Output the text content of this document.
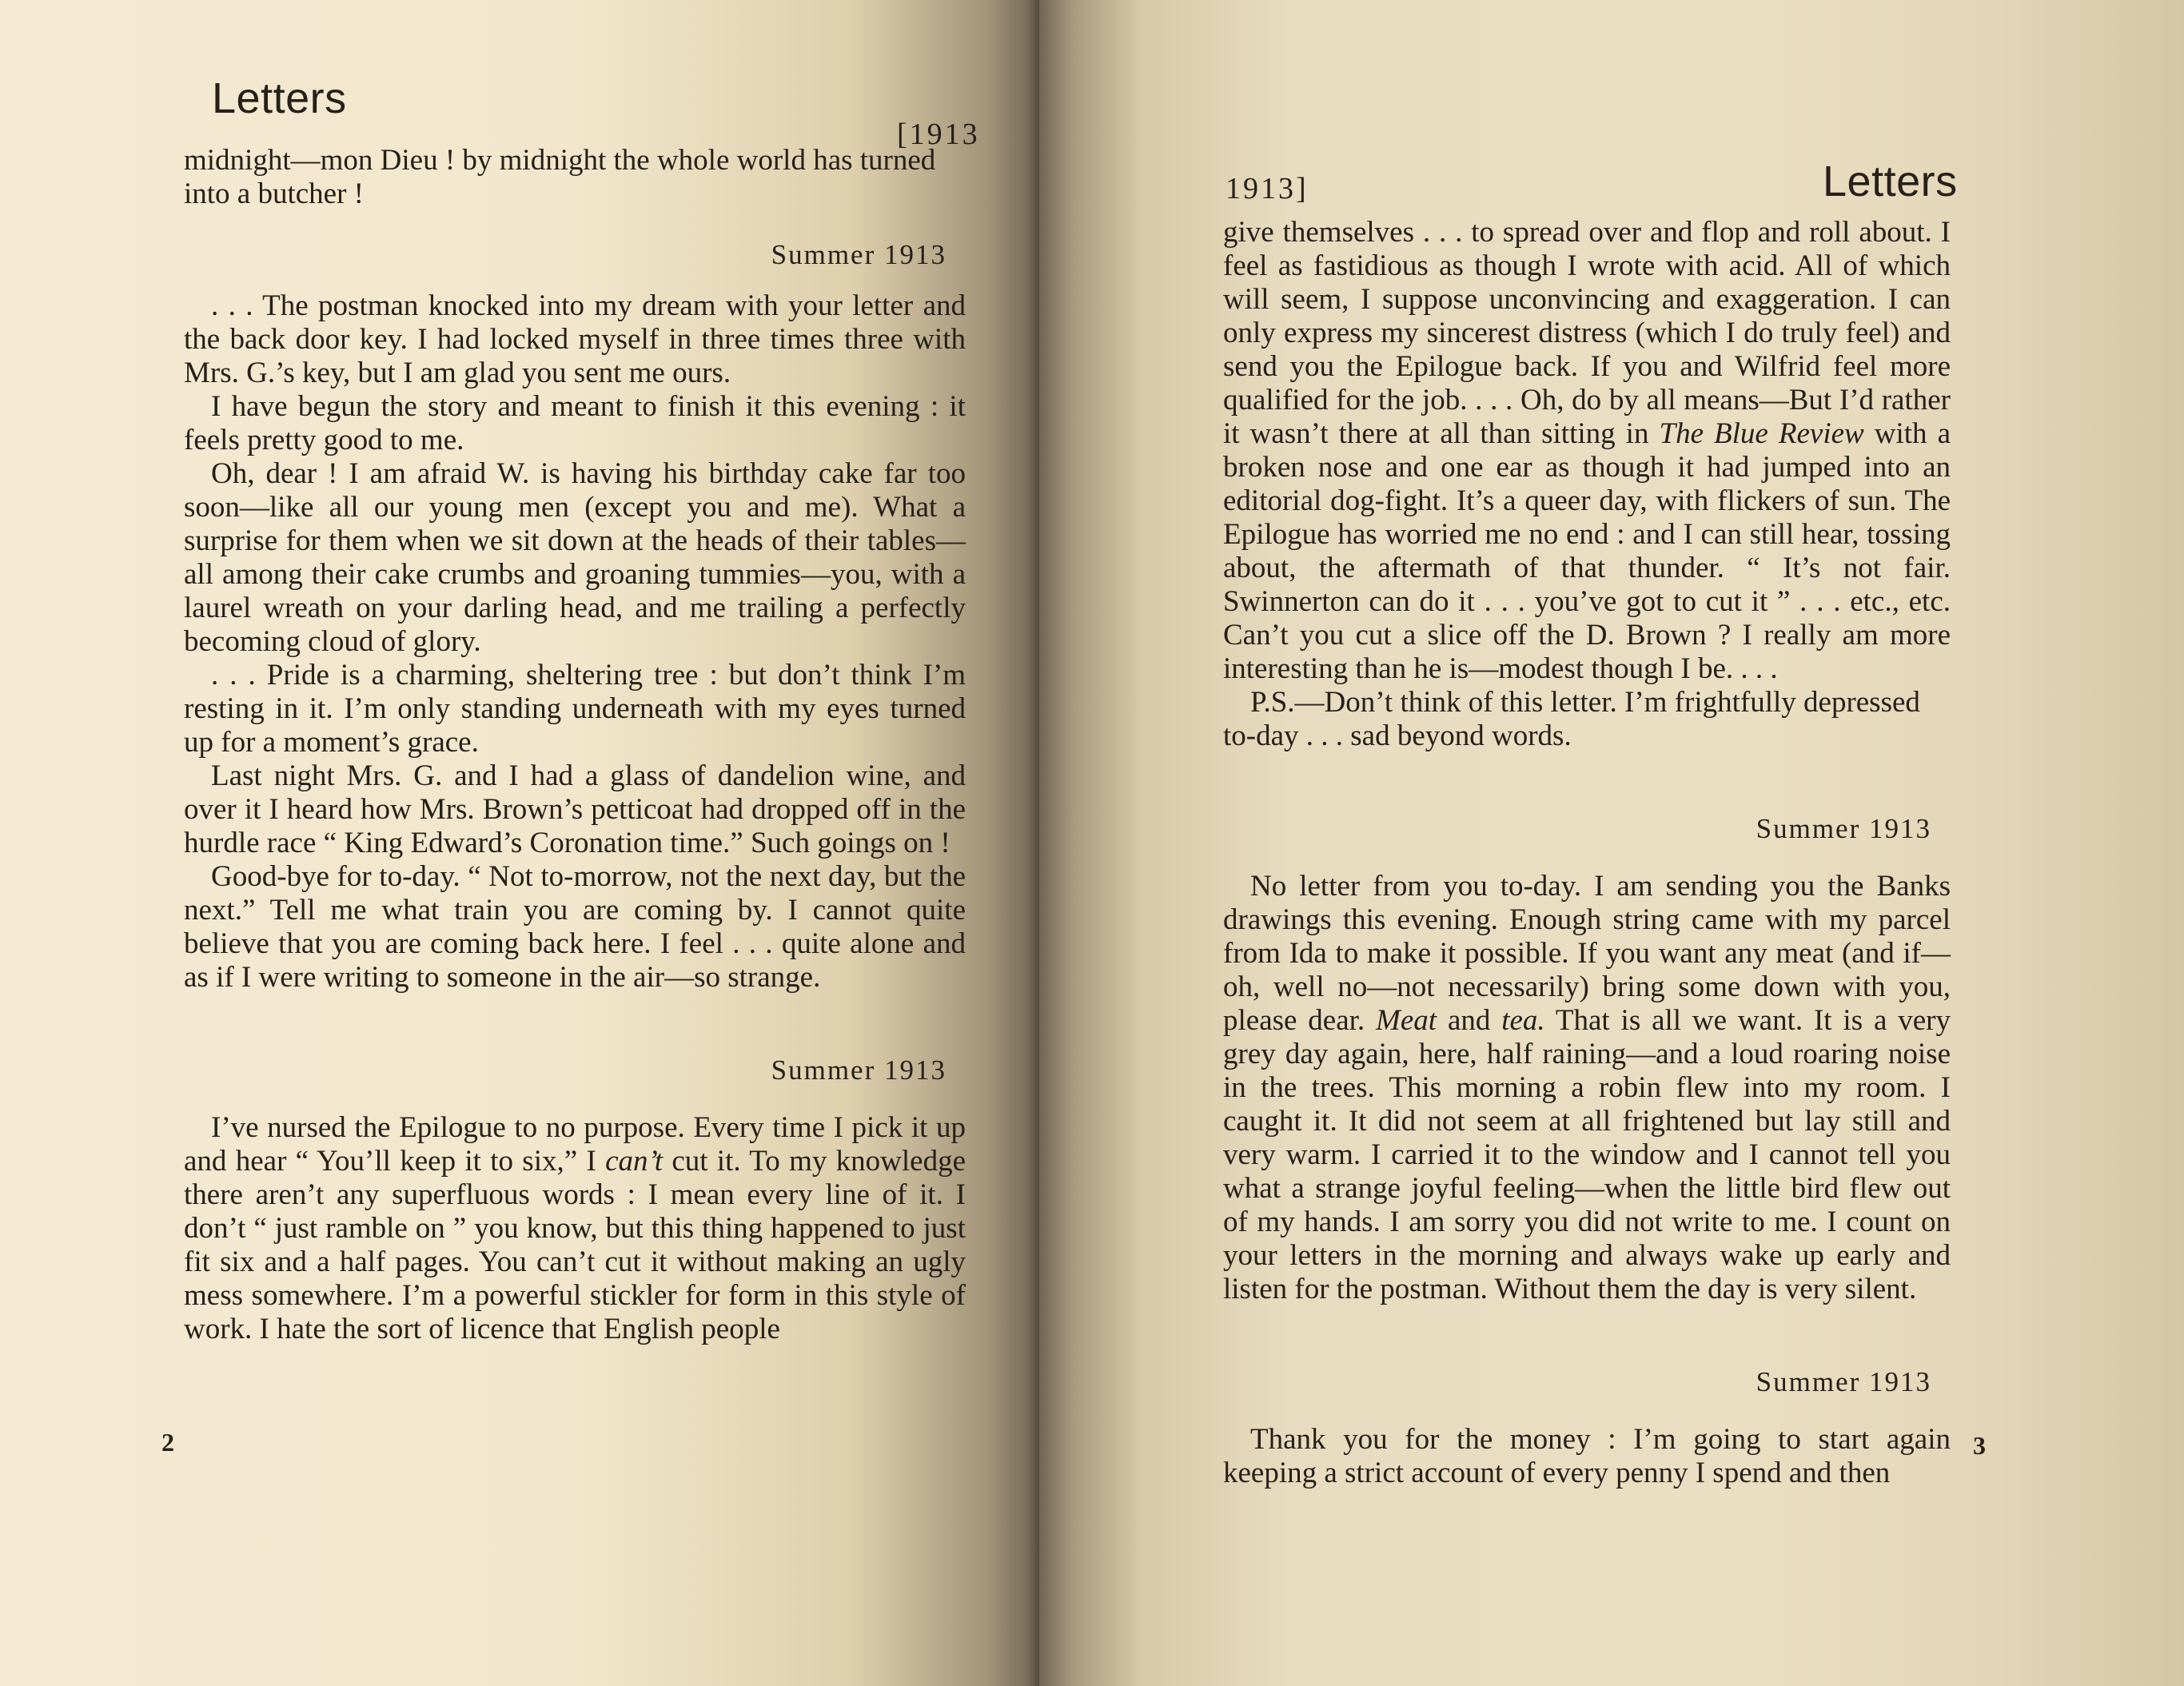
Letters
[1913

midnight—mon Dieu ! by midnight the whole world has turned into a butcher !

Summer 1913

. . . The postman knocked into my dream with your letter and the back door key. I had locked myself in three times three with Mrs. G.’s key, but I am glad you sent me ours.

I have begun the story and meant to finish it this evening : it feels pretty good to me.

Oh, dear ! I am afraid W. is having his birthday cake far too soon—like all our young men (except you and me). What a surprise for them when we sit down at the heads of their tables—all among their cake crumbs and groaning tummies—you, with a laurel wreath on your darling head, and me trailing a perfectly becoming cloud of glory.

. . . Pride is a charming, sheltering tree : but don’t think I’m resting in it. I’m only standing underneath with my eyes turned up for a moment’s grace.

Last night Mrs. G. and I had a glass of dandelion wine, and over it I heard how Mrs. Brown’s petticoat had dropped off in the hurdle race “ King Edward’s Coronation time.” Such goings on !

Good-bye for to-day. “ Not to-morrow, not the next day, but the next.” Tell me what train you are coming by. I cannot quite believe that you are coming back here. I feel . . . quite alone and as if I were writing to someone in the air—so strange.

Summer 1913

I’ve nursed the Epilogue to no purpose. Every time I pick it up and hear “ You’ll keep it to six,” I can’t cut it. To my knowledge there aren’t any superfluous words : I mean every line of it. I don’t “ just ramble on ” you know, but this thing happened to just fit six and a half pages. You can’t cut it without making an ugly mess somewhere. I’m a powerful stickler for form in this style of work. I hate the sort of licence that English people

2
1913]	Letters

give themselves . . . to spread over and flop and roll about. I feel as fastidious as though I wrote with acid. All of which will seem, I suppose unconvincing and exaggeration. I can only express my sincerest distress (which I do truly feel) and send you the Epilogue back. If you and Wilfrid feel more qualified for the job. . . . Oh, do by all means—But I’d rather it wasn’t there at all than sitting in The Blue Review with a broken nose and one ear as though it had jumped into an editorial dog-fight. It’s a queer day, with flickers of sun. The Epilogue has worried me no end : and I can still hear, tossing about, the aftermath of that thunder. “ It’s not fair. Swinnerton can do it . . . you’ve got to cut it ” . . . etc., etc. Can’t you cut a slice off the D. Brown ? I really am more interesting than he is—modest though I be. . . .

P.S.—Don’t think of this letter. I’m frightfully depressed to-day . . . sad beyond words.

Summer 1913

No letter from you to-day. I am sending you the Banks drawings this evening. Enough string came with my parcel from Ida to make it possible. If you want any meat (and if—oh, well no—not necessarily) bring some down with you, please dear. Meat and tea. That is all we want. It is a very grey day again, here, half raining—and a loud roaring noise in the trees. This morning a robin flew into my room. I caught it. It did not seem at all frightened but lay still and very warm. I carried it to the window and I cannot tell you what a strange joyful feeling—when the little bird flew out of my hands. I am sorry you did not write to me. I count on your letters in the morning and always wake up early and listen for the postman. Without them the day is very silent.

Summer 1913

Thank you for the money : I’m going to start again keeping a strict account of every penny I spend and then

3
